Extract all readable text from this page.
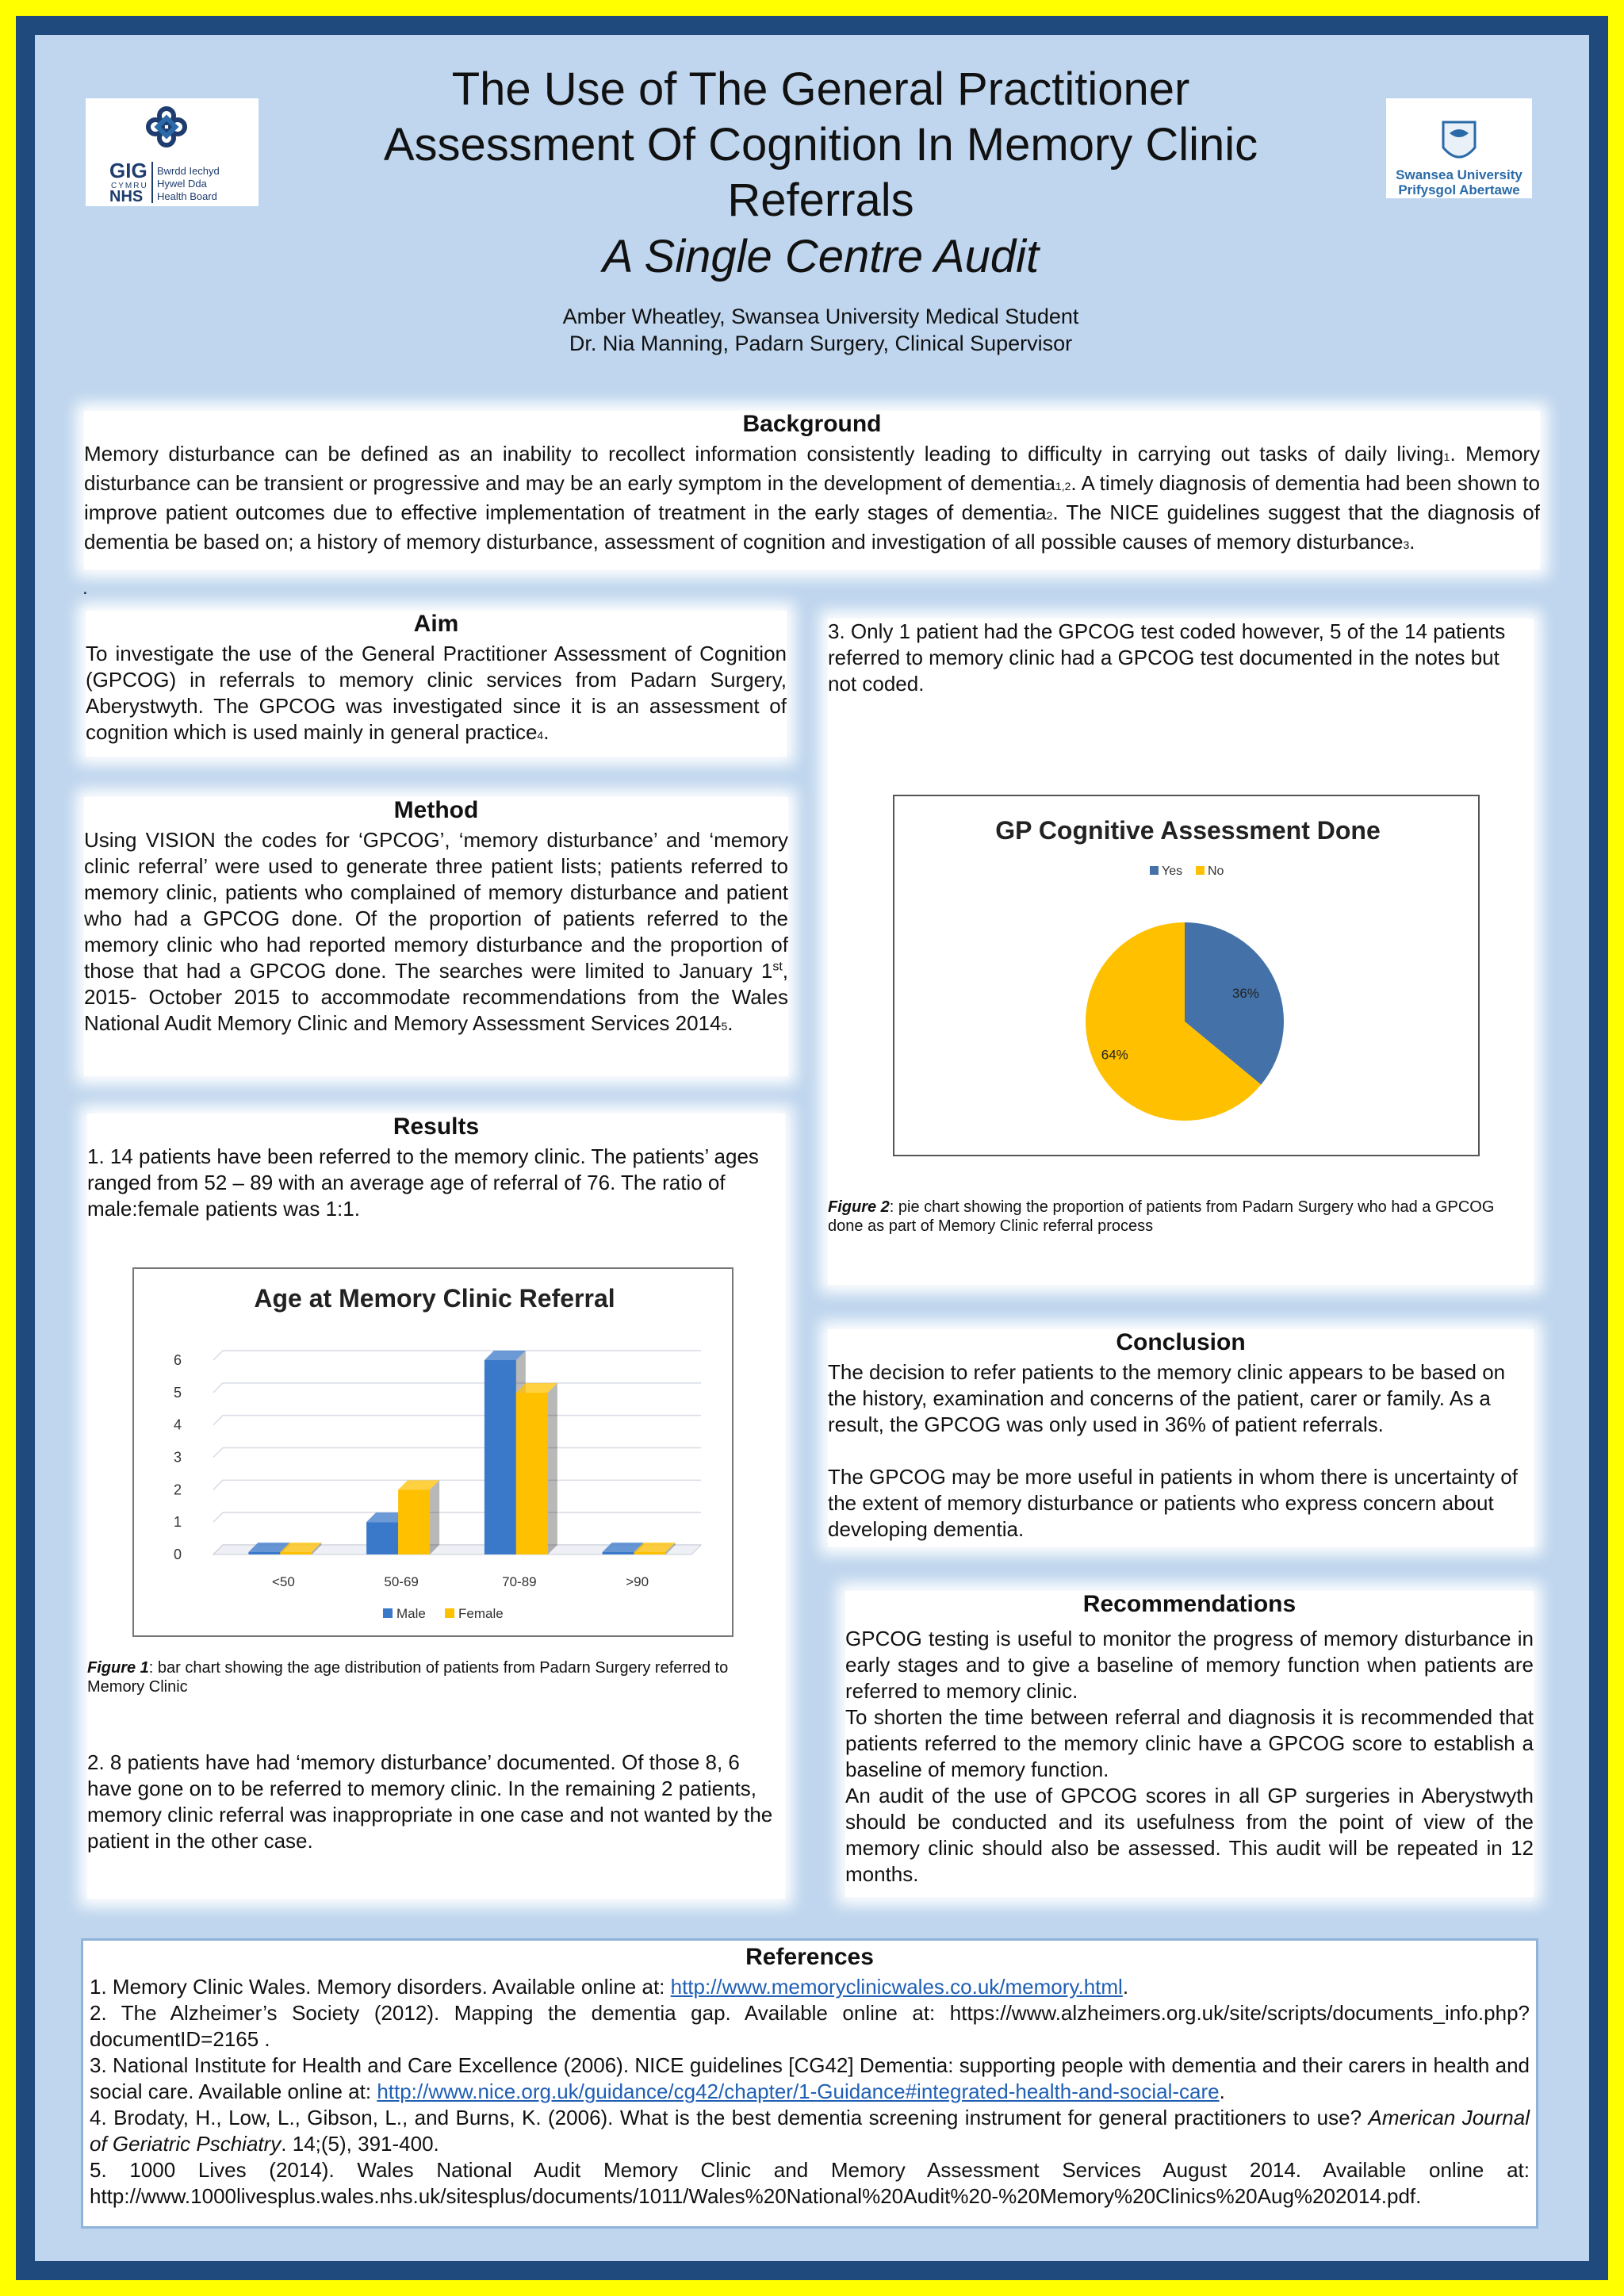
GIG
CYMRU
NHS
Bwrdd Iechyd
Hywel Dda
Health Board
Swansea University
Prifysgol Abertawe
The Use of The General Practitioner
Assessment Of Cognition In Memory Clinic
Referrals
A Single Centre Audit
Amber Wheatley, Swansea University Medical Student
Dr. Nia Manning, Padarn Surgery, Clinical Supervisor
Background
Memory disturbance can be defined as an inability to recollect information consistently leading to difficulty in carrying out tasks of daily living1. Memory disturbance can be transient or progressive and may be an early symptom in the development of dementia1,2. A timely diagnosis of dementia had been shown to improve patient outcomes due to effective implementation of treatment in the early stages of dementia2. The NICE guidelines suggest that the diagnosis of dementia be based on; a history of memory disturbance, assessment of cognition and investigation of all possible causes of memory disturbance3.
.
Aim
To investigate the use of the General Practitioner Assessment of Cognition (GPCOG) in referrals to memory clinic services from Padarn Surgery, Aberystwyth. The GPCOG was investigated since it is an assessment of cognition which is used mainly in general practice4.
Method
Using VISION the codes for ‘GPCOG’, ‘memory disturbance’ and ‘memory clinic referral’ were used to generate three patient lists; patients referred to memory clinic, patients who complained of memory disturbance and patient who had a GPCOG done. Of the proportion of patients referred to the memory clinic who had reported memory disturbance and the proportion of those that had a GPCOG done. The searches were limited to January 1st, 2015- October 2015 to accommodate recommendations from the Wales National Audit Memory Clinic and Memory Assessment Services 20145.
Results
1. 14 patients have been referred to the memory clinic. The patients’ ages ranged from 52 – 89 with an average age of referral of 76. The ratio of male:female patients was 1:1.
Age at Memory Clinic Referral
0
1
2
3
4
5
6
<50	50-69	70-89	>90
Male Female
Figure 1: bar chart showing the age distribution of patients from Padarn Surgery referred to Memory Clinic
2. 8 patients have had ‘memory disturbance’ documented. Of those 8, 6 have gone on to be referred to memory clinic. In the remaining 2 patients, memory clinic referral was inappropriate in one case and not wanted by the patient in the other case.
3. Only 1 patient had the GPCOG test coded however, 5 of the 14 patients referred to memory clinic had a GPCOG test documented in the notes but not coded.
GP Cognitive Assessment Done
36%
64%
Yes No
Figure 2: pie chart showing the proportion of patients from Padarn Surgery who had a GPCOG done as part of Memory Clinic referral process
Conclusion
The decision to refer patients to the memory clinic appears to be based on the history, examination and concerns of the patient, carer or family. As a result, the GPCOG was only used in 36% of patient referrals.
The GPCOG may be more useful in patients in whom there is uncertainty of the extent of memory disturbance or patients who express concern about developing dementia.
Recommendations
GPCOG testing is useful to monitor the progress of memory disturbance in early stages and to give a baseline of memory function when patients are referred to memory clinic.
To shorten the time between referral and diagnosis it is recommended that patients referred to the memory clinic have a GPCOG score to establish a baseline of memory function.
An audit of the use of GPCOG scores in all GP surgeries in Aberystwyth should be conducted and its usefulness from the point of view of the memory clinic should also be assessed. This audit will be repeated in 12 months.
References
1. Memory Clinic Wales. Memory disorders. Available online at: http://www.memoryclinicwales.co.uk/memory.html.
2. The Alzheimer’s Society (2012). Mapping the dementia gap. Available online at: https://www.alzheimers.org.uk/site/scripts/documents_info.php?documentID=2165 .
3. National Institute for Health and Care Excellence (2006). NICE guidelines [CG42] Dementia: supporting people with dementia and their carers in health and social care. Available online at: http://www.nice.org.uk/guidance/cg42/chapter/1-Guidance#integrated-health-and-social-care.
4. Brodaty, H., Low, L., Gibson, L., and Burns, K. (2006). What is the best dementia screening instrument for general practitioners to use? American Journal of Geriatric Pschiatry. 14;(5), 391-400.
5. 1000 Lives (2014). Wales National Audit Memory Clinic and Memory Assessment Services August 2014. Available online at: http://www.1000livesplus.wales.nhs.uk/sitesplus/documents/1011/Wales%20National%20Audit%20-%20Memory%20Clinics%20Aug%202014.pdf.
